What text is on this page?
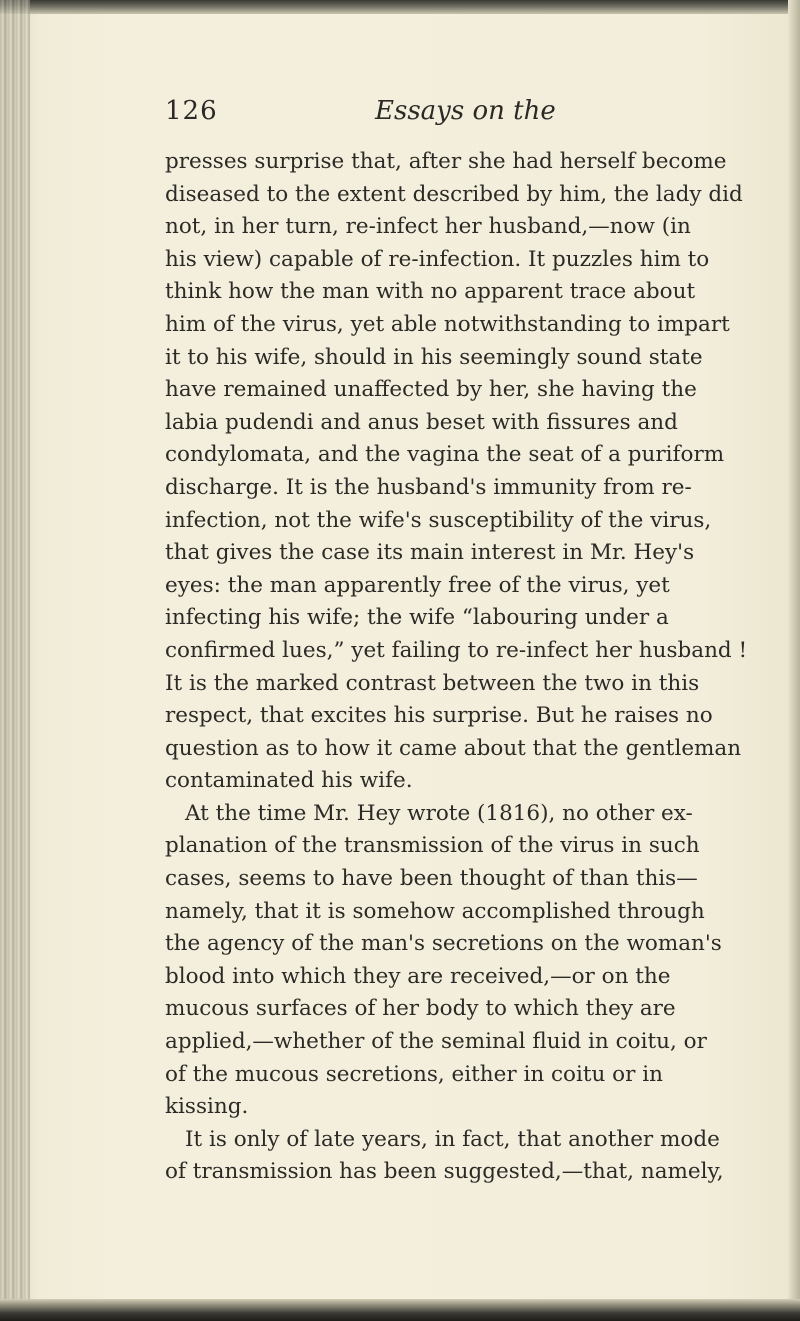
126	Essays on the
presses surprise that, after she had herself become
diseased to the extent described by him, the lady did
not, in her turn, re-infect her husband,—now (in
his view) capable of re-infection. It puzzles him to
think how the man with no apparent trace about
him of the virus, yet able notwithstanding to impart
it to his wife, should in his seemingly sound state
have remained unaffected by her, she having the
labia pudendi and anus beset with fissures and
condylomata, and the vagina the seat of a puriform
discharge. It is the husband's immunity from re-
infection, not the wife's susceptibility of the virus,
that gives the case its main interest in Mr. Hey's
eyes: the man apparently free of the virus, yet
infecting his wife; the wife “labouring under a
confirmed lues,” yet failing to re-infect her husband !
It is the marked contrast between the two in this
respect, that excites his surprise. But he raises no
question as to how it came about that the gentleman
contaminated his wife.
At the time Mr. Hey wrote (1816), no other ex-
planation of the transmission of the virus in such
cases, seems to have been thought of than this—
namely, that it is somehow accomplished through
the agency of the man's secretions on the woman's
blood into which they are received,—or on the
mucous surfaces of her body to which they are
applied,—whether of the seminal fluid in coitu, or
of the mucous secretions, either in coitu or in
kissing.
It is only of late years, in fact, that another mode
of transmission has been suggested,—that, namely,
